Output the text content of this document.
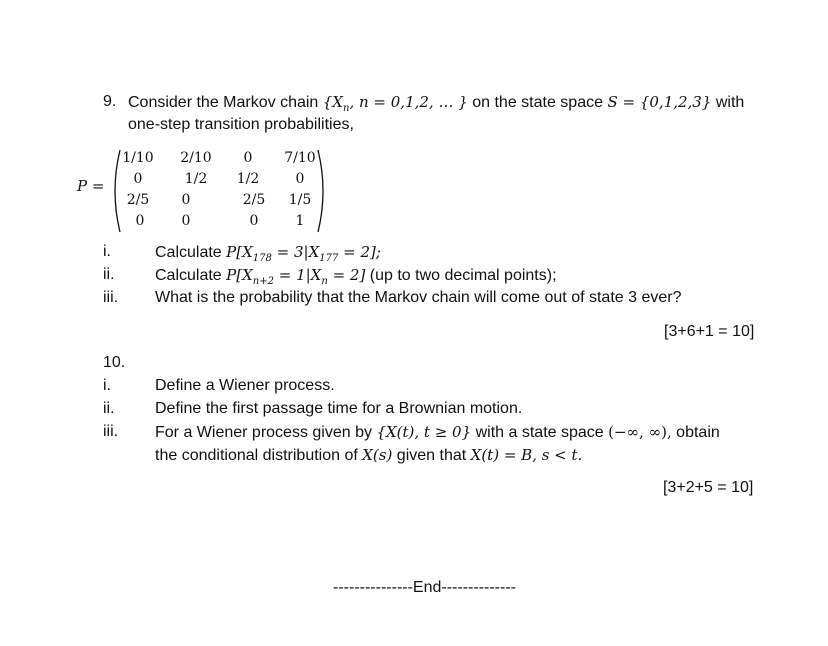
9. Consider the Markov chain {$X_n$, n = 0,1,2, … } on the state space S = {0,1,2,3} with
one-step transition probabilities,
P =
1/10	2/10	0	7/10
0	1/2	1/2	0
2/5	0	2/5	1/5
0	0	0	1
i.	Calculate $P[X_{178} = 3|X_{177} = 2]$;
ii.	Calculate $P[X_{n+2} = 1|X_n = 2]$ (up to two decimal points);
iii. What is the probability that the Markov chain will come out of state 3 ever?
[3+6+1 = 10]
10.
i.	Define a Wiener process.
ii.	Define the first passage time for a Brownian motion.
iii. For a Wiener process given by {X(t), t ≥ 0} with a state space (−∞, ∞), obtain
the conditional distribution of X(s) given that X(t) = B, s < t.
[3+2+5 = 10]
---------------End--------------
